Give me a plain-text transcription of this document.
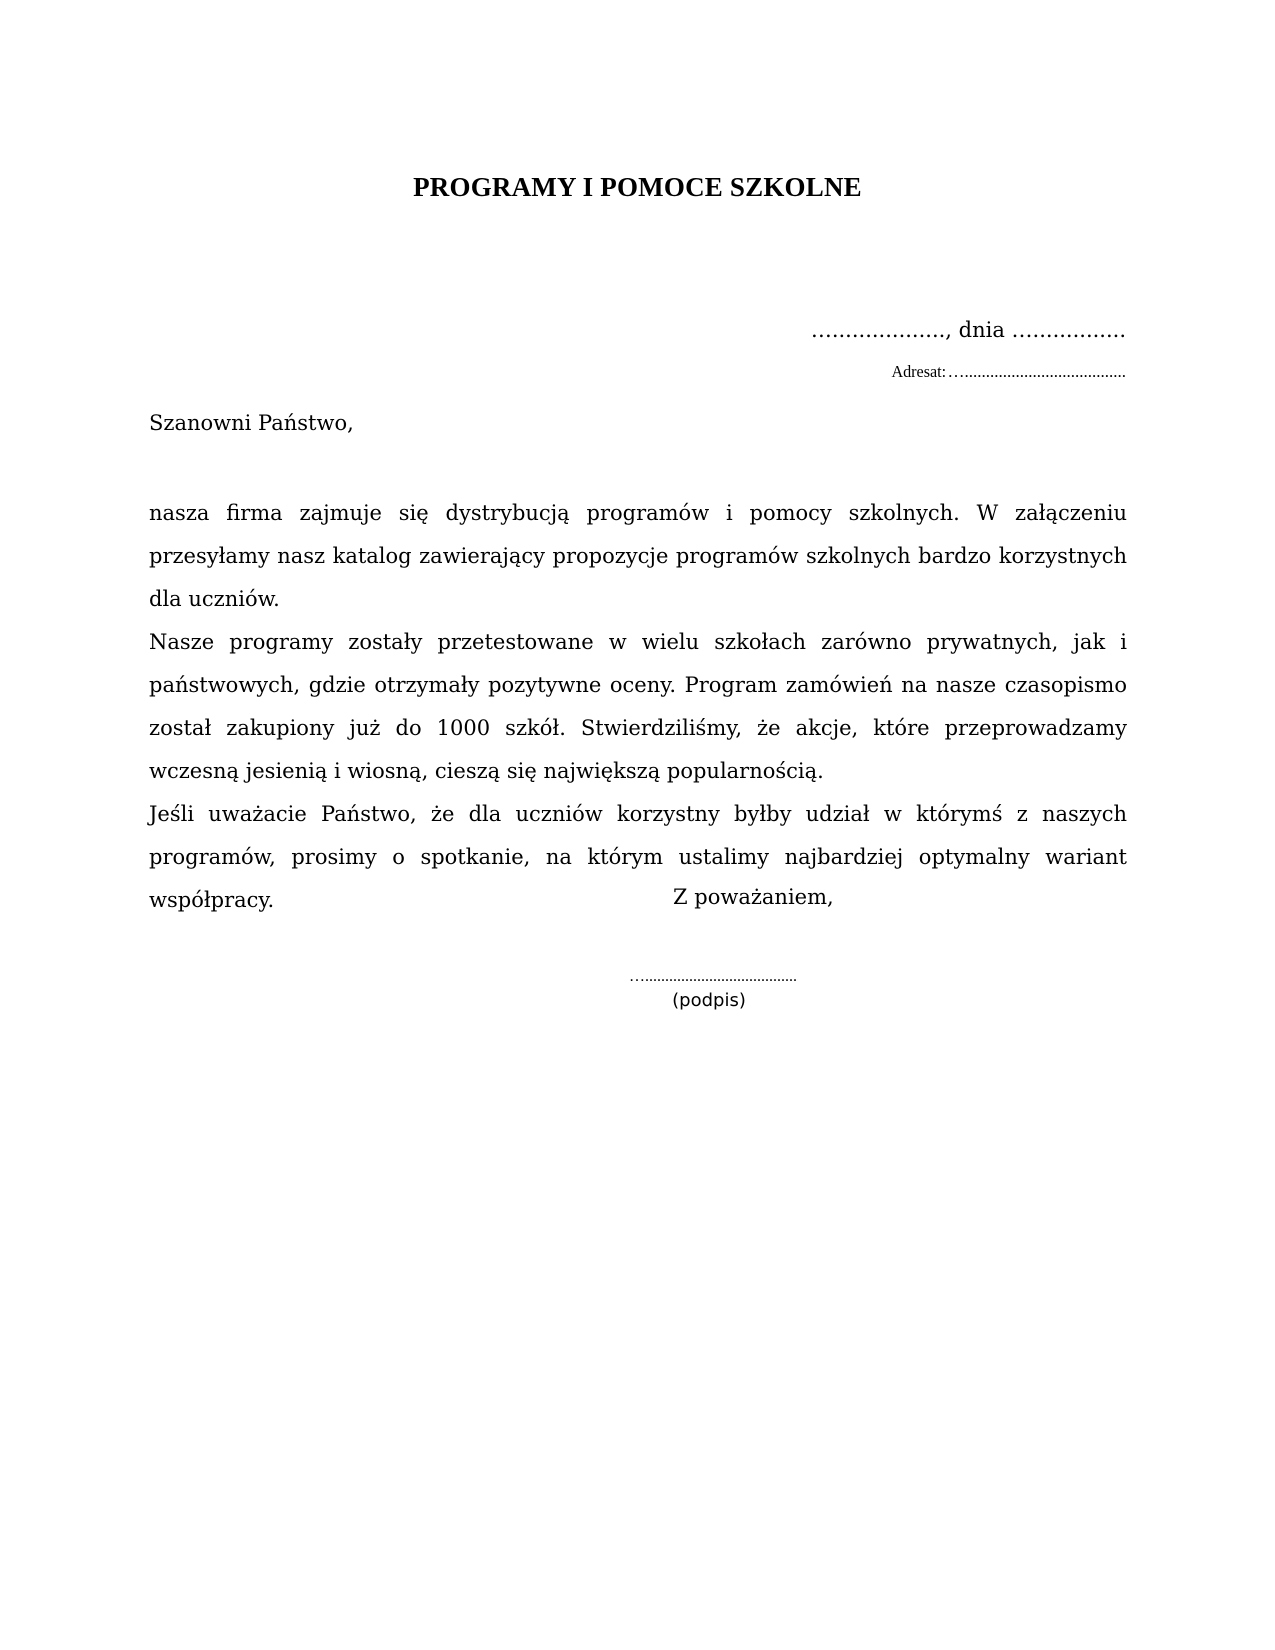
PROGRAMY I POMOCE SZKOLNE
…................., dnia …..............
Adresat:…......................................

Szanowni Państwo,

nasza firma zajmuje się dystrybucją programów i pomocy szkolnych. W załączeniu przesyłamy nasz katalog zawierający propozycje programów szkolnych bardzo korzystnych dla uczniów.

Nasze programy zostały przetestowane w wielu szkołach zarówno prywatnych, jak i państwowych, gdzie otrzymały pozytywne oceny. Program zamówień na nasze czasopismo został zakupiony już do 1000 szkół. Stwierdziliśmy, że akcje, które przeprowadzamy wczesną jesienią i wiosną, cieszą się największą popularnością.

Jeśli uważacie Państwo, że dla uczniów korzystny byłby udział w którymś z naszych programów, prosimy o spotkanie, na którym ustalimy najbardziej optymalny wariant współpracy.	Z poważaniem,

…......................................
(podpis)
